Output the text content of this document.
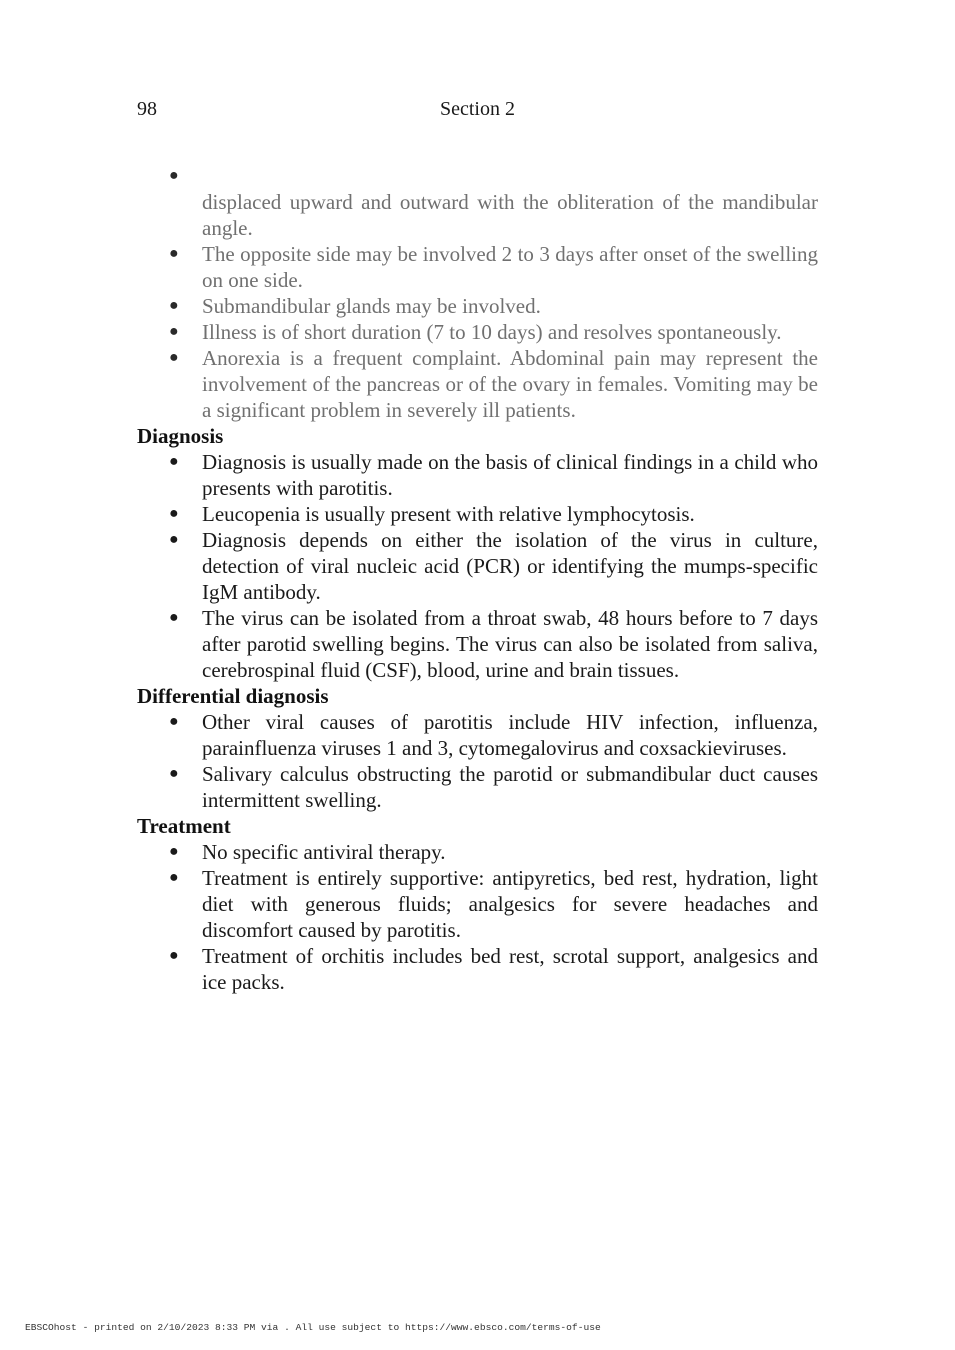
98	Section 2
●
displaced upward and outward with the obliteration of the mandibular angle.
● The opposite side may be involved 2 to 3 days after onset of the swelling on one side.
● Submandibular glands may be involved.
● Illness is of short duration (7 to 10 days) and resolves spontaneously.
● Anorexia is a frequent complaint. Abdominal pain may represent the involvement of the pancreas or of the ovary in females. Vomiting may be a significant problem in severely ill patients.
Diagnosis
● Diagnosis is usually made on the basis of clinical findings in a child who presents with parotitis.
● Leucopenia is usually present with relative lymphocytosis.
● Diagnosis depends on either the isolation of the virus in culture, detection of viral nucleic acid (PCR) or identifying the mumps-specific IgM antibody.
● The virus can be isolated from a throat swab, 48 hours before to 7 days after parotid swelling begins. The virus can also be isolated from saliva, cerebrospinal fluid (CSF), blood, urine and brain tissues.
Differential diagnosis
● Other viral causes of parotitis include HIV infection, influenza, parainfluenza viruses 1 and 3, cytomegalovirus and coxsackieviruses.
● Salivary calculus obstructing the parotid or submandibular duct causes intermittent swelling.
Treatment
● No specific antiviral therapy.
● Treatment is entirely supportive: antipyretics, bed rest, hydration, light diet with generous fluids; analgesics for severe headaches and discomfort caused by parotitis.
● Treatment of orchitis includes bed rest, scrotal support, analgesics and ice packs.
EBSCOhost - printed on 2/10/2023 8:33 PM via . All use subject to https://www.ebsco.com/terms-of-use
